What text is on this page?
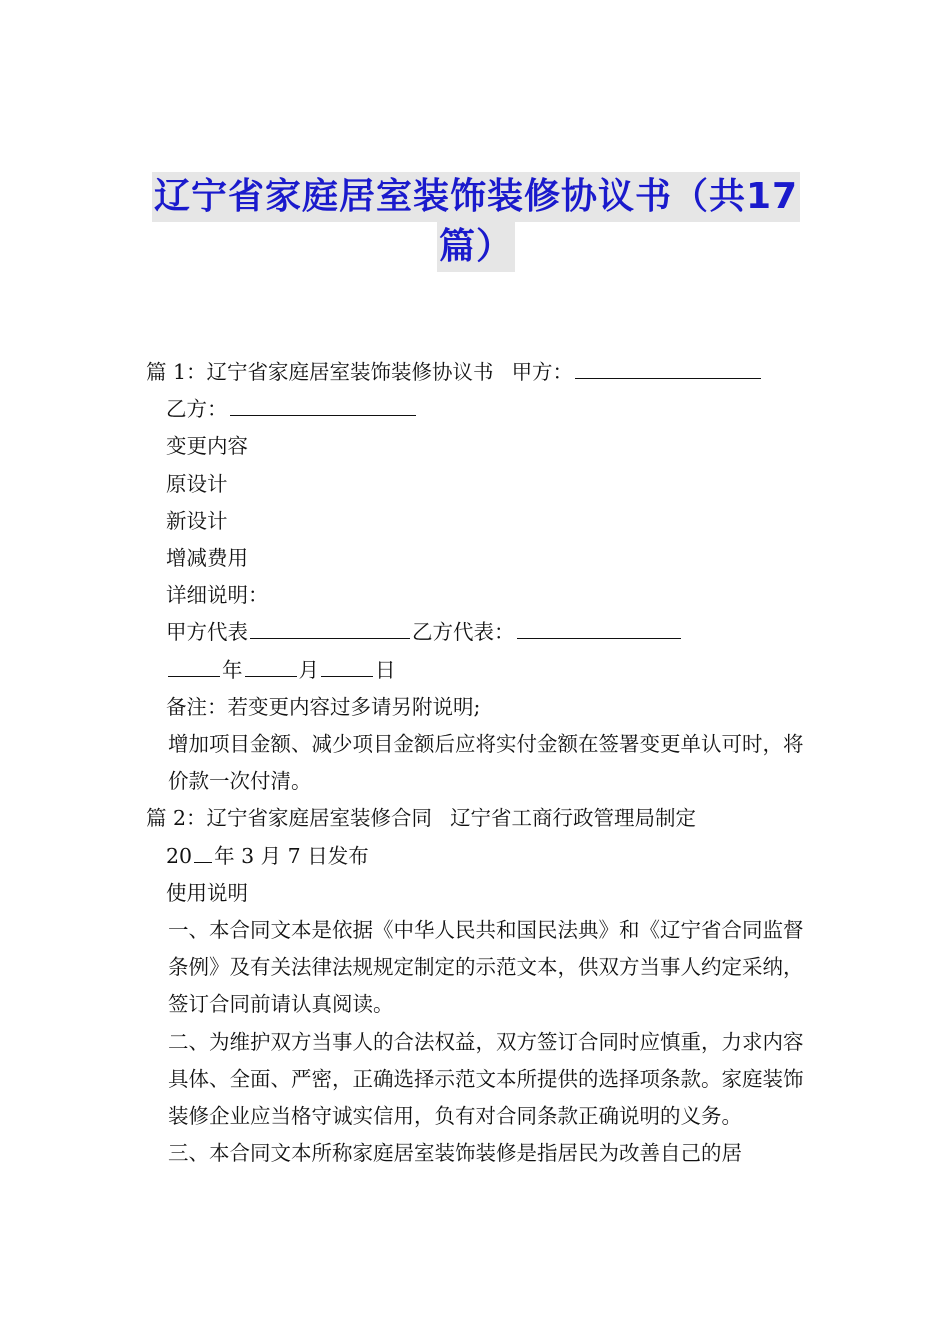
辽宁省家庭居室装饰装修协议书（共17
篇）
篇 1：辽宁省家庭居室装饰装修协议书 甲方：
乙方：
变更内容
原设计
新设计
增减费用
详细说明：
甲方代表	乙方代表：
年	月	日
备注：若变更内容过多请另附说明;
增加项目金额、减少项目金额后应将实付金额在签署变更单认可时，将价款一次付清。
篇 2：辽宁省家庭居室装修合同 辽宁省工商行政管理局制定
20 年 3 月 7 日发布
使用说明
一、本合同文本是依据《中华人民共和国民法典》和《辽宁省合同监督条例》及有关法律法规规定制定的示范文本，供双方当事人约定采纳，签订合同前请认真阅读。
二、为维护双方当事人的合法权益，双方签订合同时应慎重，力求内容具体、全面、严密，正确选择示范文本所提供的选择项条款。家庭装饰装修企业应当格守诚实信用，负有对合同条款正确说明的义务。
三、本合同文本所称家庭居室装饰装修是指居民为改善自己的居
